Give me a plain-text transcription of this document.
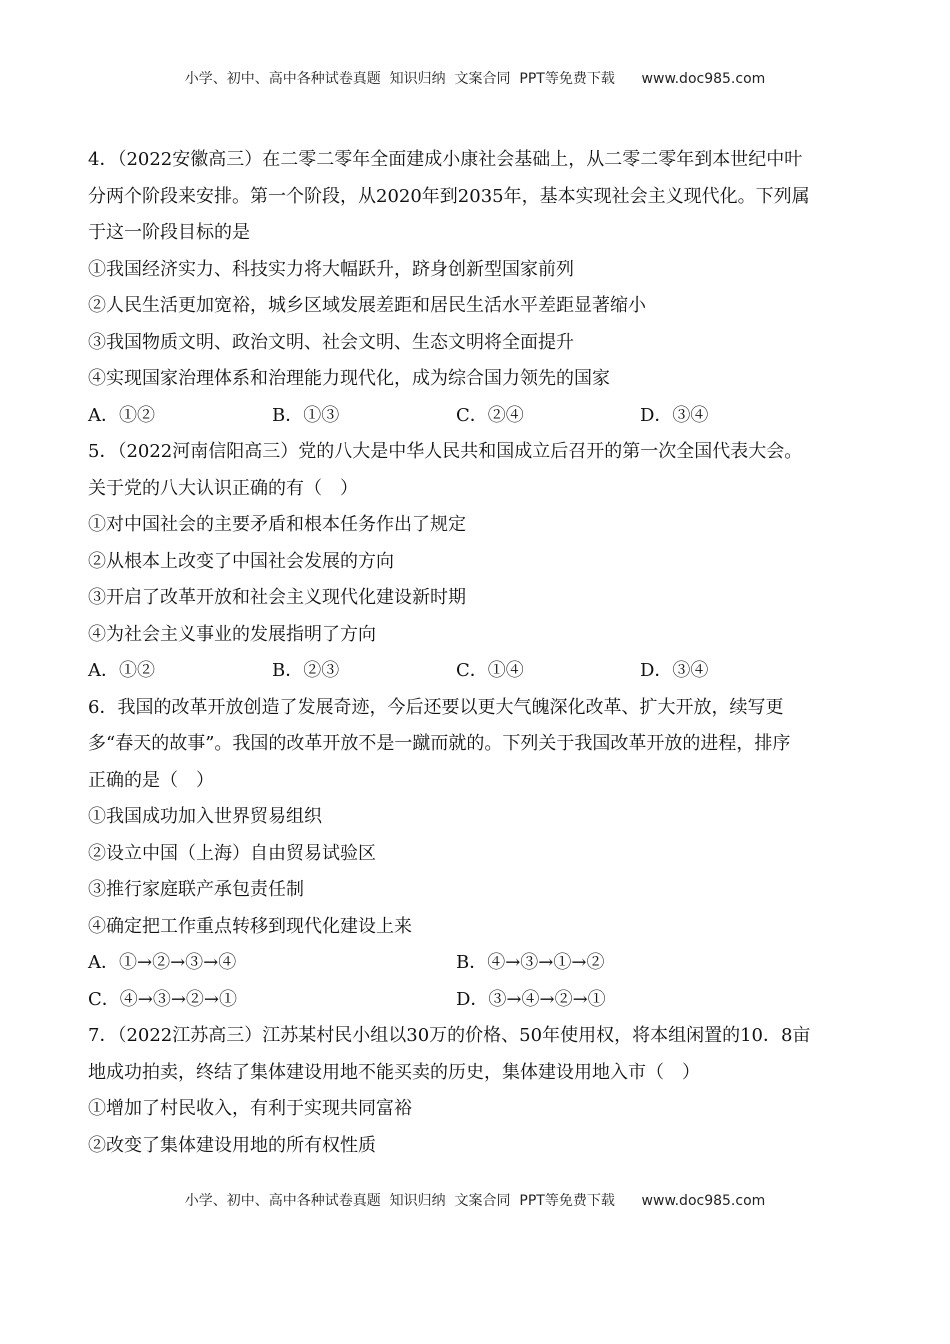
小学、初中、高中各种试卷真题  知识归纳  文案合同  PPT等免费下载      www.doc985.com
4．（2022安徽高三）在二零二零年全面建成小康社会基础上，从二零二零年到本世纪中叶
分两个阶段来安排。第一个阶段，从2020年到2035年，基本实现社会主义现代化。下列属
于这一阶段目标的是
①我国经济实力、科技实力将大幅跃升，跻身创新型国家前列
②人民生活更加宽裕，城乡区域发展差距和居民生活水平差距显著缩小
③我国物质文明、政治文明、社会文明、生态文明将全面提升
④实现国家治理体系和治理能力现代化，成为综合国力领先的国家
A．①②	B．①③	C．②④	D．③④
5．（2022河南信阳高三）党的八大是中华人民共和国成立后召开的第一次全国代表大会。
关于党的八大认识正确的有（　）
①对中国社会的主要矛盾和根本任务作出了规定
②从根本上改变了中国社会发展的方向
③开启了改革开放和社会主义现代化建设新时期
④为社会主义事业的发展指明了方向
A．①②	B．②③	C．①④	D．③④
6．我国的改革开放创造了发展奇迹，今后还要以更大气魄深化改革、扩大开放，续写更
多“春天的故事”。我国的改革开放不是一蹴而就的。下列关于我国改革开放的进程，排序
正确的是（　）
①我国成功加入世界贸易组织
②设立中国（上海）自由贸易试验区
③推行家庭联产承包责任制
④确定把工作重点转移到现代化建设上来
A．①→②→③→④	B．④→③→①→②
C．④→③→②→①	D．③→④→②→①
7．（2022江苏高三）江苏某村民小组以30万的价格、50年使用权，将本组闲置的10．8亩
地成功拍卖，终结了集体建设用地不能买卖的历史，集体建设用地入市（　）
①增加了村民收入，有利于实现共同富裕
②改变了集体建设用地的所有权性质
小学、初中、高中各种试卷真题  知识归纳  文案合同  PPT等免费下载      www.doc985.com
